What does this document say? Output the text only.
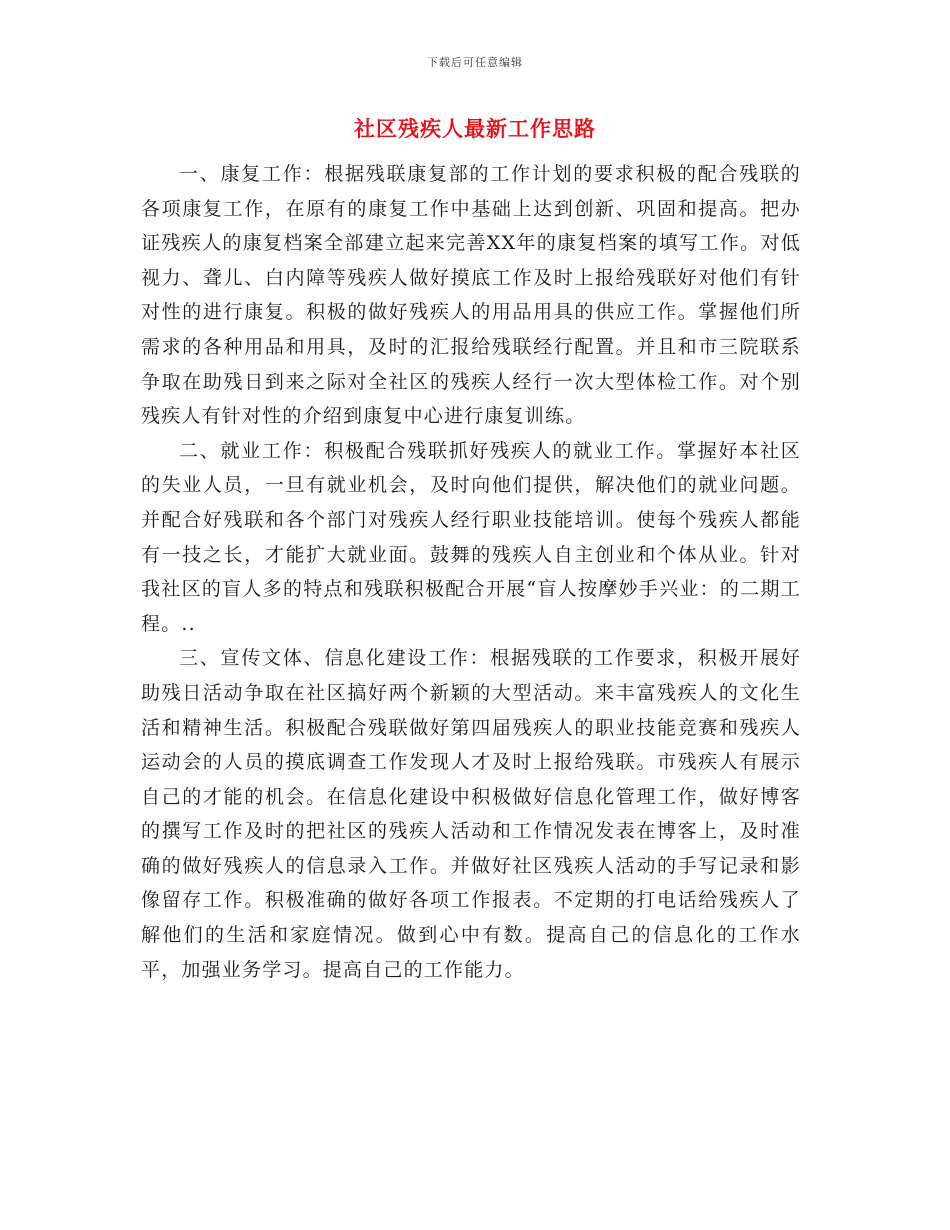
下载后可任意编辑
社区残疾人最新工作思路

一、康复工作：根据残联康复部的工作计划的要求积极的配合残联的各项康复工作，在原有的康复工作中基础上达到创新、巩固和提高。把办证残疾人的康复档案全部建立起来完善XX年的康复档案的填写工作。对低视力、聋儿、白内障等残疾人做好摸底工作及时上报给残联好对他们有针对性的进行康复。积极的做好残疾人的用品用具的供应工作。掌握他们所需求的各种用品和用具，及时的汇报给残联经行配置。并且和市三院联系争取在助残日到来之际对全社区的残疾人经行一次大型体检工作。对个别残疾人有针对性的介绍到康复中心进行康复训练。

二、就业工作：积极配合残联抓好残疾人的就业工作。掌握好本社区的失业人员，一旦有就业机会，及时向他们提供，解决他们的就业问题。并配合好残联和各个部门对残疾人经行职业技能培训。使每个残疾人都能有一技之长，才能扩大就业面。鼓舞的残疾人自主创业和个体从业。针对我社区的盲人多的特点和残联积极配合开展“盲人按摩妙手兴业：的二期工程。..

三、宣传文体、信息化建设工作：根据残联的工作要求，积极开展好助残日活动争取在社区搞好两个新颖的大型活动。来丰富残疾人的文化生活和精神生活。积极配合残联做好第四届残疾人的职业技能竞赛和残疾人运动会的人员的摸底调查工作发现人才及时上报给残联。市残疾人有展示自己的才能的机会。在信息化建设中积极做好信息化管理工作，做好博客的撰写工作及时的把社区的残疾人活动和工作情况发表在博客上，及时准确的做好残疾人的信息录入工作。并做好社区残疾人活动的手写记录和影像留存工作。积极准确的做好各项工作报表。不定期的打电话给残疾人了解他们的生活和家庭情况。做到心中有数。提高自己的信息化的工作水平，加强业务学习。提高自己的工作能力。
